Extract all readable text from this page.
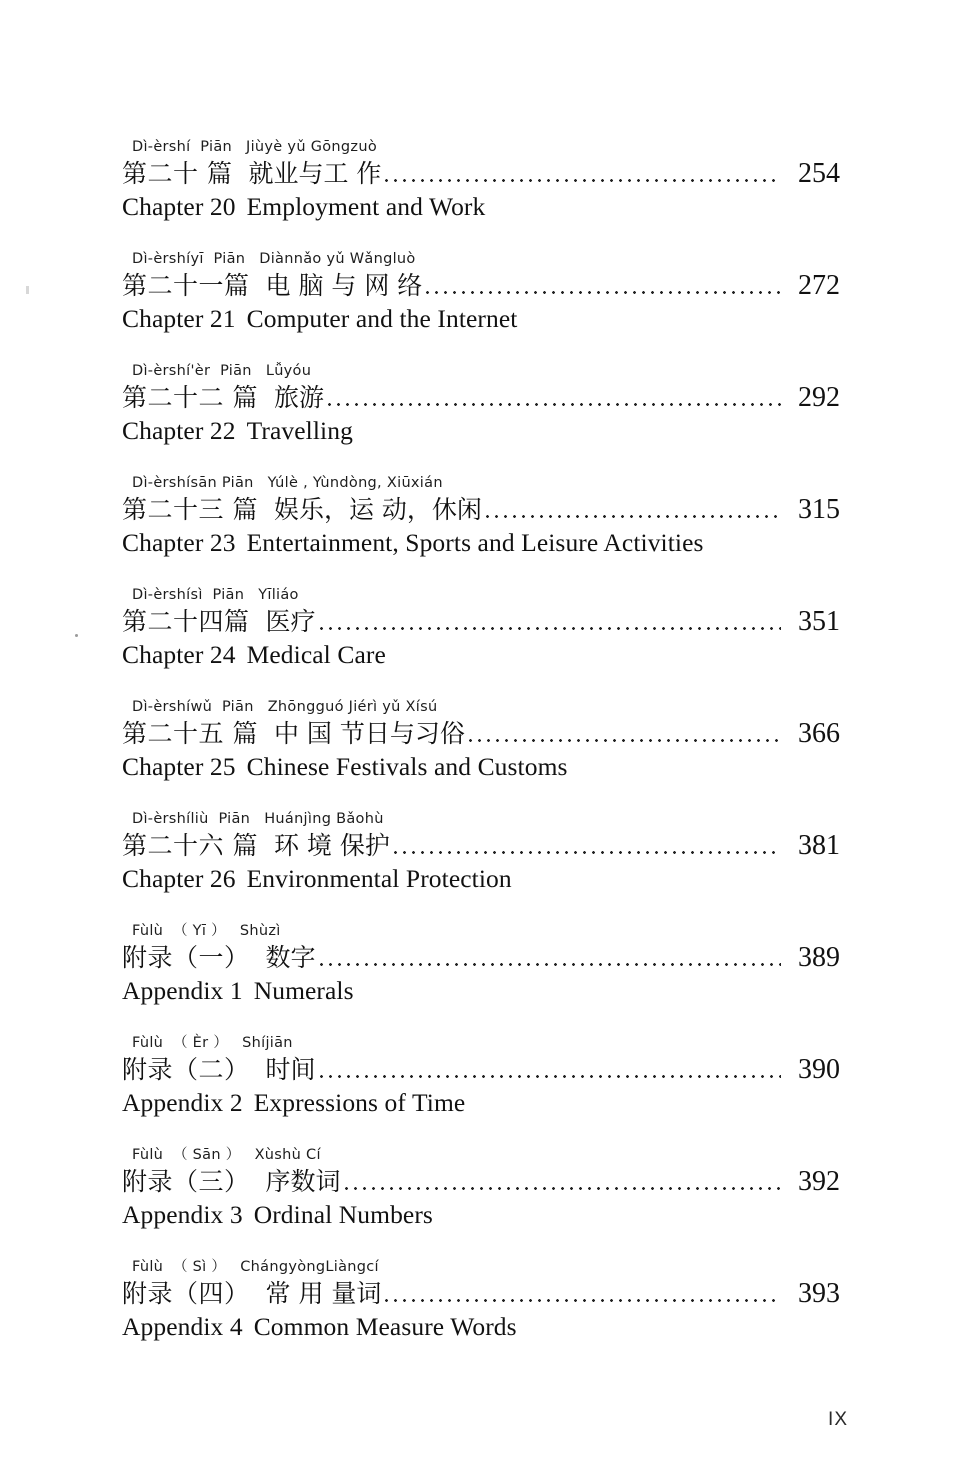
Dì-èrshí  Piān Jiùyè yǔ Gōngzuò
第二十 篇 就业与工 作	254
Chapter 20 Employment and Work
Dì-èrshíyī  Piān Diànnǎo yǔ Wǎngluò
第二十一篇 电 脑 与 网 络	272
Chapter 21 Computer and the Internet
Dì-èrshí'èr  Piān Lǚyóu
第二十二 篇 旅游	292
Chapter 22 Travelling
Dì-èrshísān Piān Yúlè , Yùndòng, Xiūxián
第二十三 篇 娱乐，运 动，休闲	315
Chapter 23 Entertainment, Sports and Leisure Activities
Dì-èrshísì  Piān Yīliáo
第二十四篇 医疗	351
Chapter 24 Medical Care
Dì-èrshíwǔ  Piān Zhōngguó Jiérì yǔ Xísú
第二十五 篇 中 国 节日与习俗	366
Chapter 25 Chinese Festivals and Customs
Dì-èrshíliù  Piān Huánjìng Bǎohù
第二十六 篇 环 境 保护	381
Chapter 26 Environmental Protection
Fùlù  （ Yī ） Shùzì
附录（一） 数字	389
Appendix 1 Numerals
Fùlù  （ Èr ） Shíjiān
附录（二） 时间	390
Appendix 2 Expressions of Time
Fùlù  （ Sān ） Xùshù Cí
附录（三） 序数词	392
Appendix 3 Ordinal Numbers
Fùlù  （ Sì ） ChángyòngLiàngcí
附录（四） 常 用 量词	393
Appendix 4 Common Measure Words
IX
